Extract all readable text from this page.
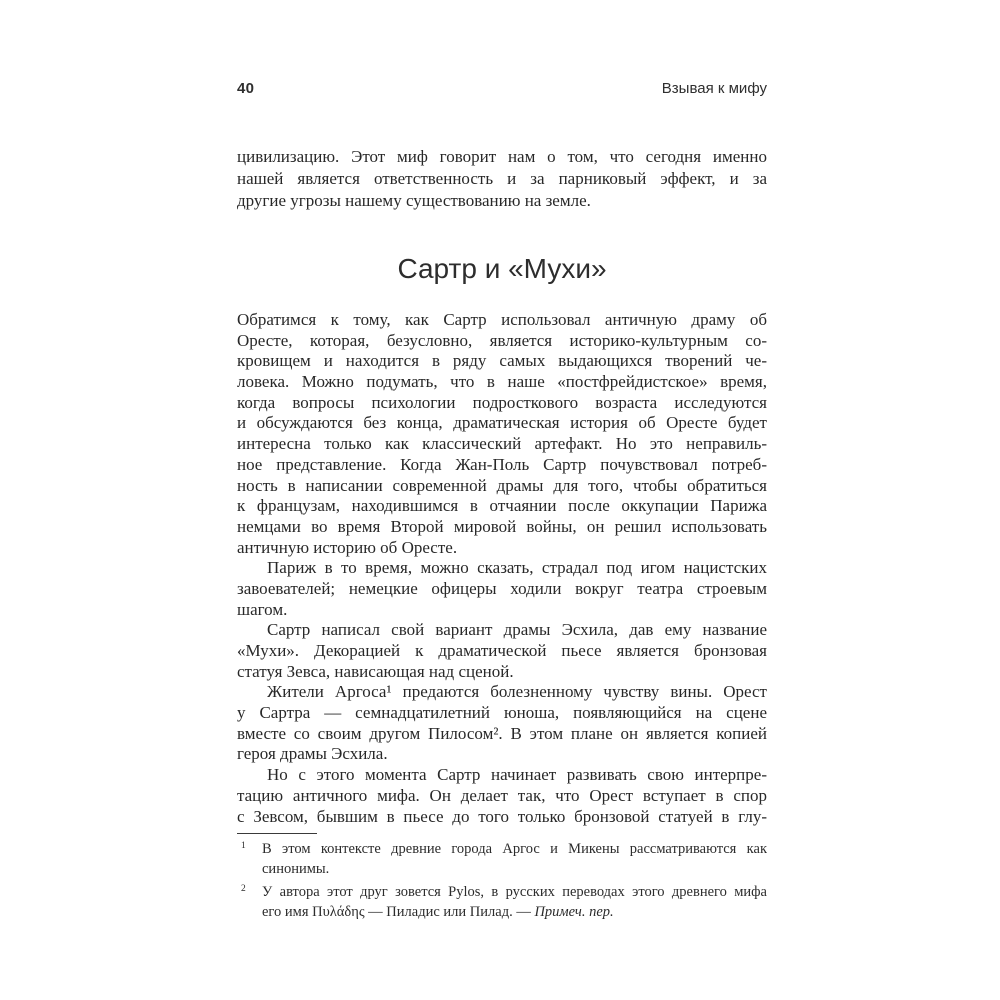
40	Взывая к мифу
цивилизацию. Этот миф говорит нам о том, что сегодня именно
нашей является ответственность и за парниковый эффект, и за
другие угрозы нашему существованию на земле.
Сартр и «Мухи»
Обратимся к тому, как Сартр использовал античную драму об
Оресте, которая, безусловно, является историко-культурным со-
кровищем и находится в ряду самых выдающихся творений че-
ловека. Можно подумать, что в наше «постфрейдистское» время,
когда вопросы психологии подросткового возраста исследуются
и обсуждаются без конца, драматическая история об Оресте будет
интересна только как классический артефакт. Но это неправиль-
ное представление. Когда Жан-Поль Сартр почувствовал потреб-
ность в написании современной драмы для того, чтобы обратиться
к французам, находившимся в отчаянии после оккупации Парижа
немцами во время Второй мировой войны, он решил использовать
античную историю об Оресте.
Париж в то время, можно сказать, страдал под игом нацистских
завоевателей; немецкие офицеры ходили вокруг театра строевым
шагом.
Сартр написал свой вариант драмы Эсхила, дав ему название
«Мухи». Декорацией к драматической пьесе является бронзовая
статуя Зевса, нависающая над сценой.
Жители Аргоса¹ предаются болезненному чувству вины. Орест
у Сартра — семнадцатилетний юноша, появляющийся на сцене
вместе со своим другом Пилосом². В этом плане он является копией
героя драмы Эсхила.
Но с этого момента Сартр начинает развивать свою интерпре-
тацию античного мифа. Он делает так, что Орест вступает в спор
с Зевсом, бывшим в пьесе до того только бронзовой статуей в глу-
1 В этом контексте древние города Аргос и Микены рассматриваются как
синонимы.
2 У автора этот друг зовется Pylos, в русских переводах этого древнего мифа
его имя Πυλάδης — Пиладис или Пилад. — Примеч. пер.
